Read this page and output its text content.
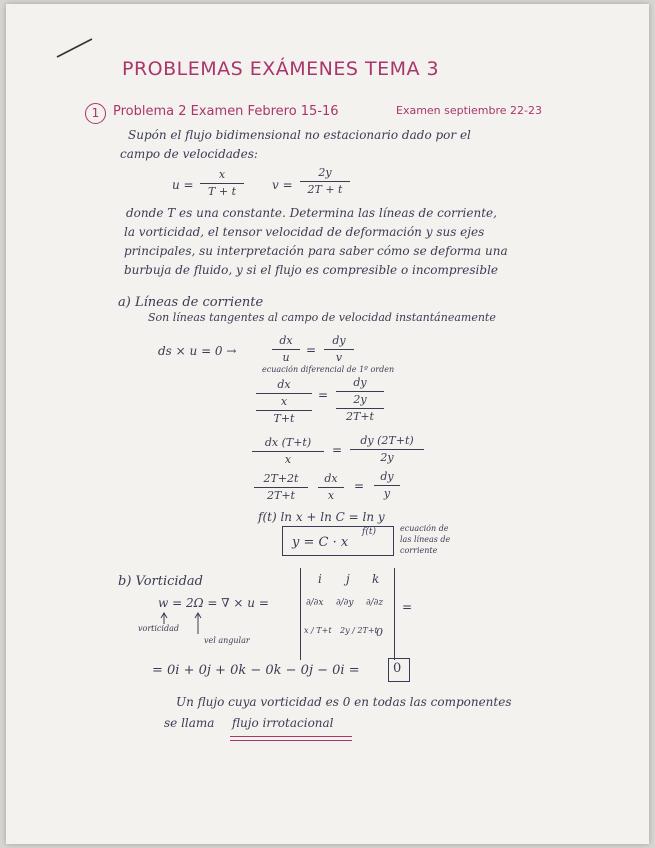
PROBLEMAS EXÁMENES TEMA 3
1	Problema 2 Examen Febrero 15-16	Examen septiembre 22-23
Supón el flujo bidimensional no estacionario dado por el
campo de velocidades:
u =
x
T + t	v =
2y
2T + t
donde T es una constante. Determina las líneas de corriente,
la vorticidad, el tensor velocidad de deformación y sus ejes
principales, su interpretación para saber cómo se deforma una
burbuja de fluido, y si el flujo es compresible o incompresible
a) Líneas de corriente
Son líneas tangentes al campo de velocidad instantáneamente
ds × u = 0 →
dx
u
=
dy
v
ecuación diferencial de 1º orden
dx
x
T+t
=
dy
2y
2T+t
dx (T+t)
x
=
dy (2T+t)
2y
2T+2t
2T+t
dx
x
=
dy
y
f(t) ln x + ln C = ln y
y = C · x
f(t)	ecuación de
las líneas de
corriente
b) Vorticidad
w = 2Ω = ∇ × u =
vorticidad
vel angular
i j k
∂/∂x ∂/∂y ∂/∂z
x / T+t 2y / 2T+t
0
=
= 0i + 0j + 0k − 0k − 0j − 0i =	0
Un flujo cuya vorticidad es 0 en todas las componentes
se llama flujo irrotacional
